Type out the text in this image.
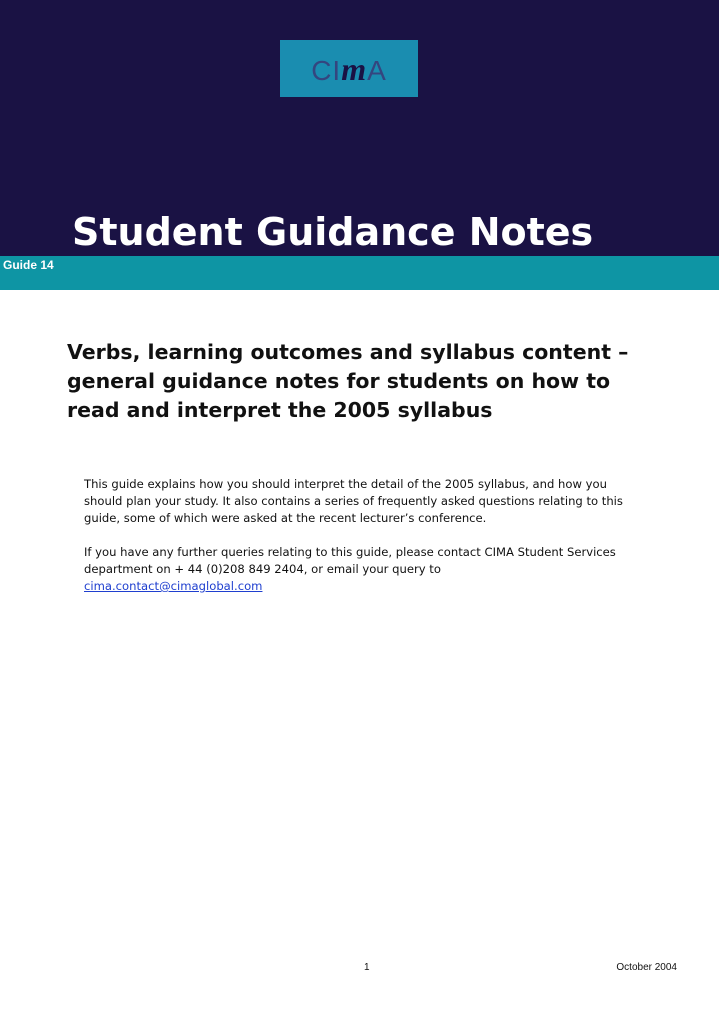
CImA
Student Guidance Notes
Guide 14
Verbs, learning outcomes and syllabus content –
general guidance notes for students on how to
read and interpret the 2005 syllabus
This guide explains how you should interpret the detail of the 2005 syllabus, and how you
should plan your study. It also contains a series of frequently asked questions relating to this
guide, some of which were asked at the recent lecturer’s conference.
If you have any further queries relating to this guide, please contact CIMA Student Services
department on + 44 (0)208 849 2404, or email your query to
cima.contact@cimaglobal.com
1	October 2004
